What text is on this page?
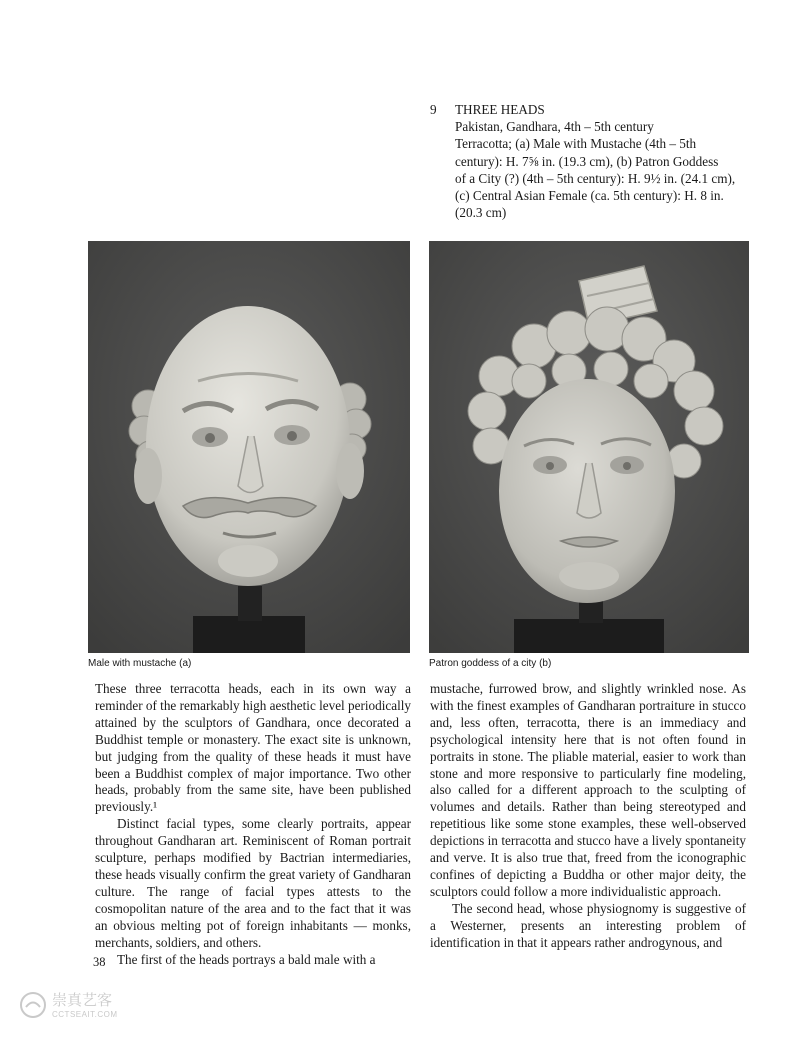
9 THREE HEADS
Pakistan, Gandhara, 4th – 5th century
Terracotta; (a) Male with Mustache (4th – 5th
century): H. 7⅝ in. (19.3 cm), (b) Patron Goddess
of a City (?) (4th – 5th century): H. 9½ in. (24.1 cm),
(c) Central Asian Female (ca. 5th century): H. 8 in.
(20.3 cm)
Male with mustache (a)	Patron goddess of a city (b)

These three terracotta heads, each in its own way a reminder of the remarkably high aesthetic level periodically attained by the sculptors of Gandhara, once decorated a Buddhist temple or monastery. The exact site is unknown, but judging from the quality of these heads it must have been a Buddhist complex of major importance. Two other heads, probably from the same site, have been published previously.¹

Distinct facial types, some clearly portraits, appear throughout Gandharan art. Reminiscent of Roman portrait sculpture, perhaps modified by Bactrian intermediaries, these heads visually confirm the great variety of Gandharan culture. The range of facial types attests to the cosmopolitan nature of the area and to the fact that it was an obvious melting pot of foreign inhabitants — monks, merchants, soldiers, and others.

The first of the heads portrays a bald male with a

mustache, furrowed brow, and slightly wrinkled nose. As with the finest examples of Gandharan portraiture in stucco and, less often, terracotta, there is an immediacy and psychological intensity here that is not often found in portraits in stone. The pliable material, easier to work than stone and more responsive to particularly fine modeling, also called for a different approach to the sculpting of volumes and details. Rather than being stereotyped and repetitious like some stone examples, these well-observed depictions in terracotta and stucco have a lively spontaneity and verve. It is also true that, freed from the iconographic confines of depicting a Buddha or other major deity, the sculptors could follow a more individualistic approach.

The second head, whose physiognomy is suggestive of a Westerner, presents an interesting problem of identification in that it appears rather androgynous, and

38
崇真艺客
CCTSEAIT.COM
